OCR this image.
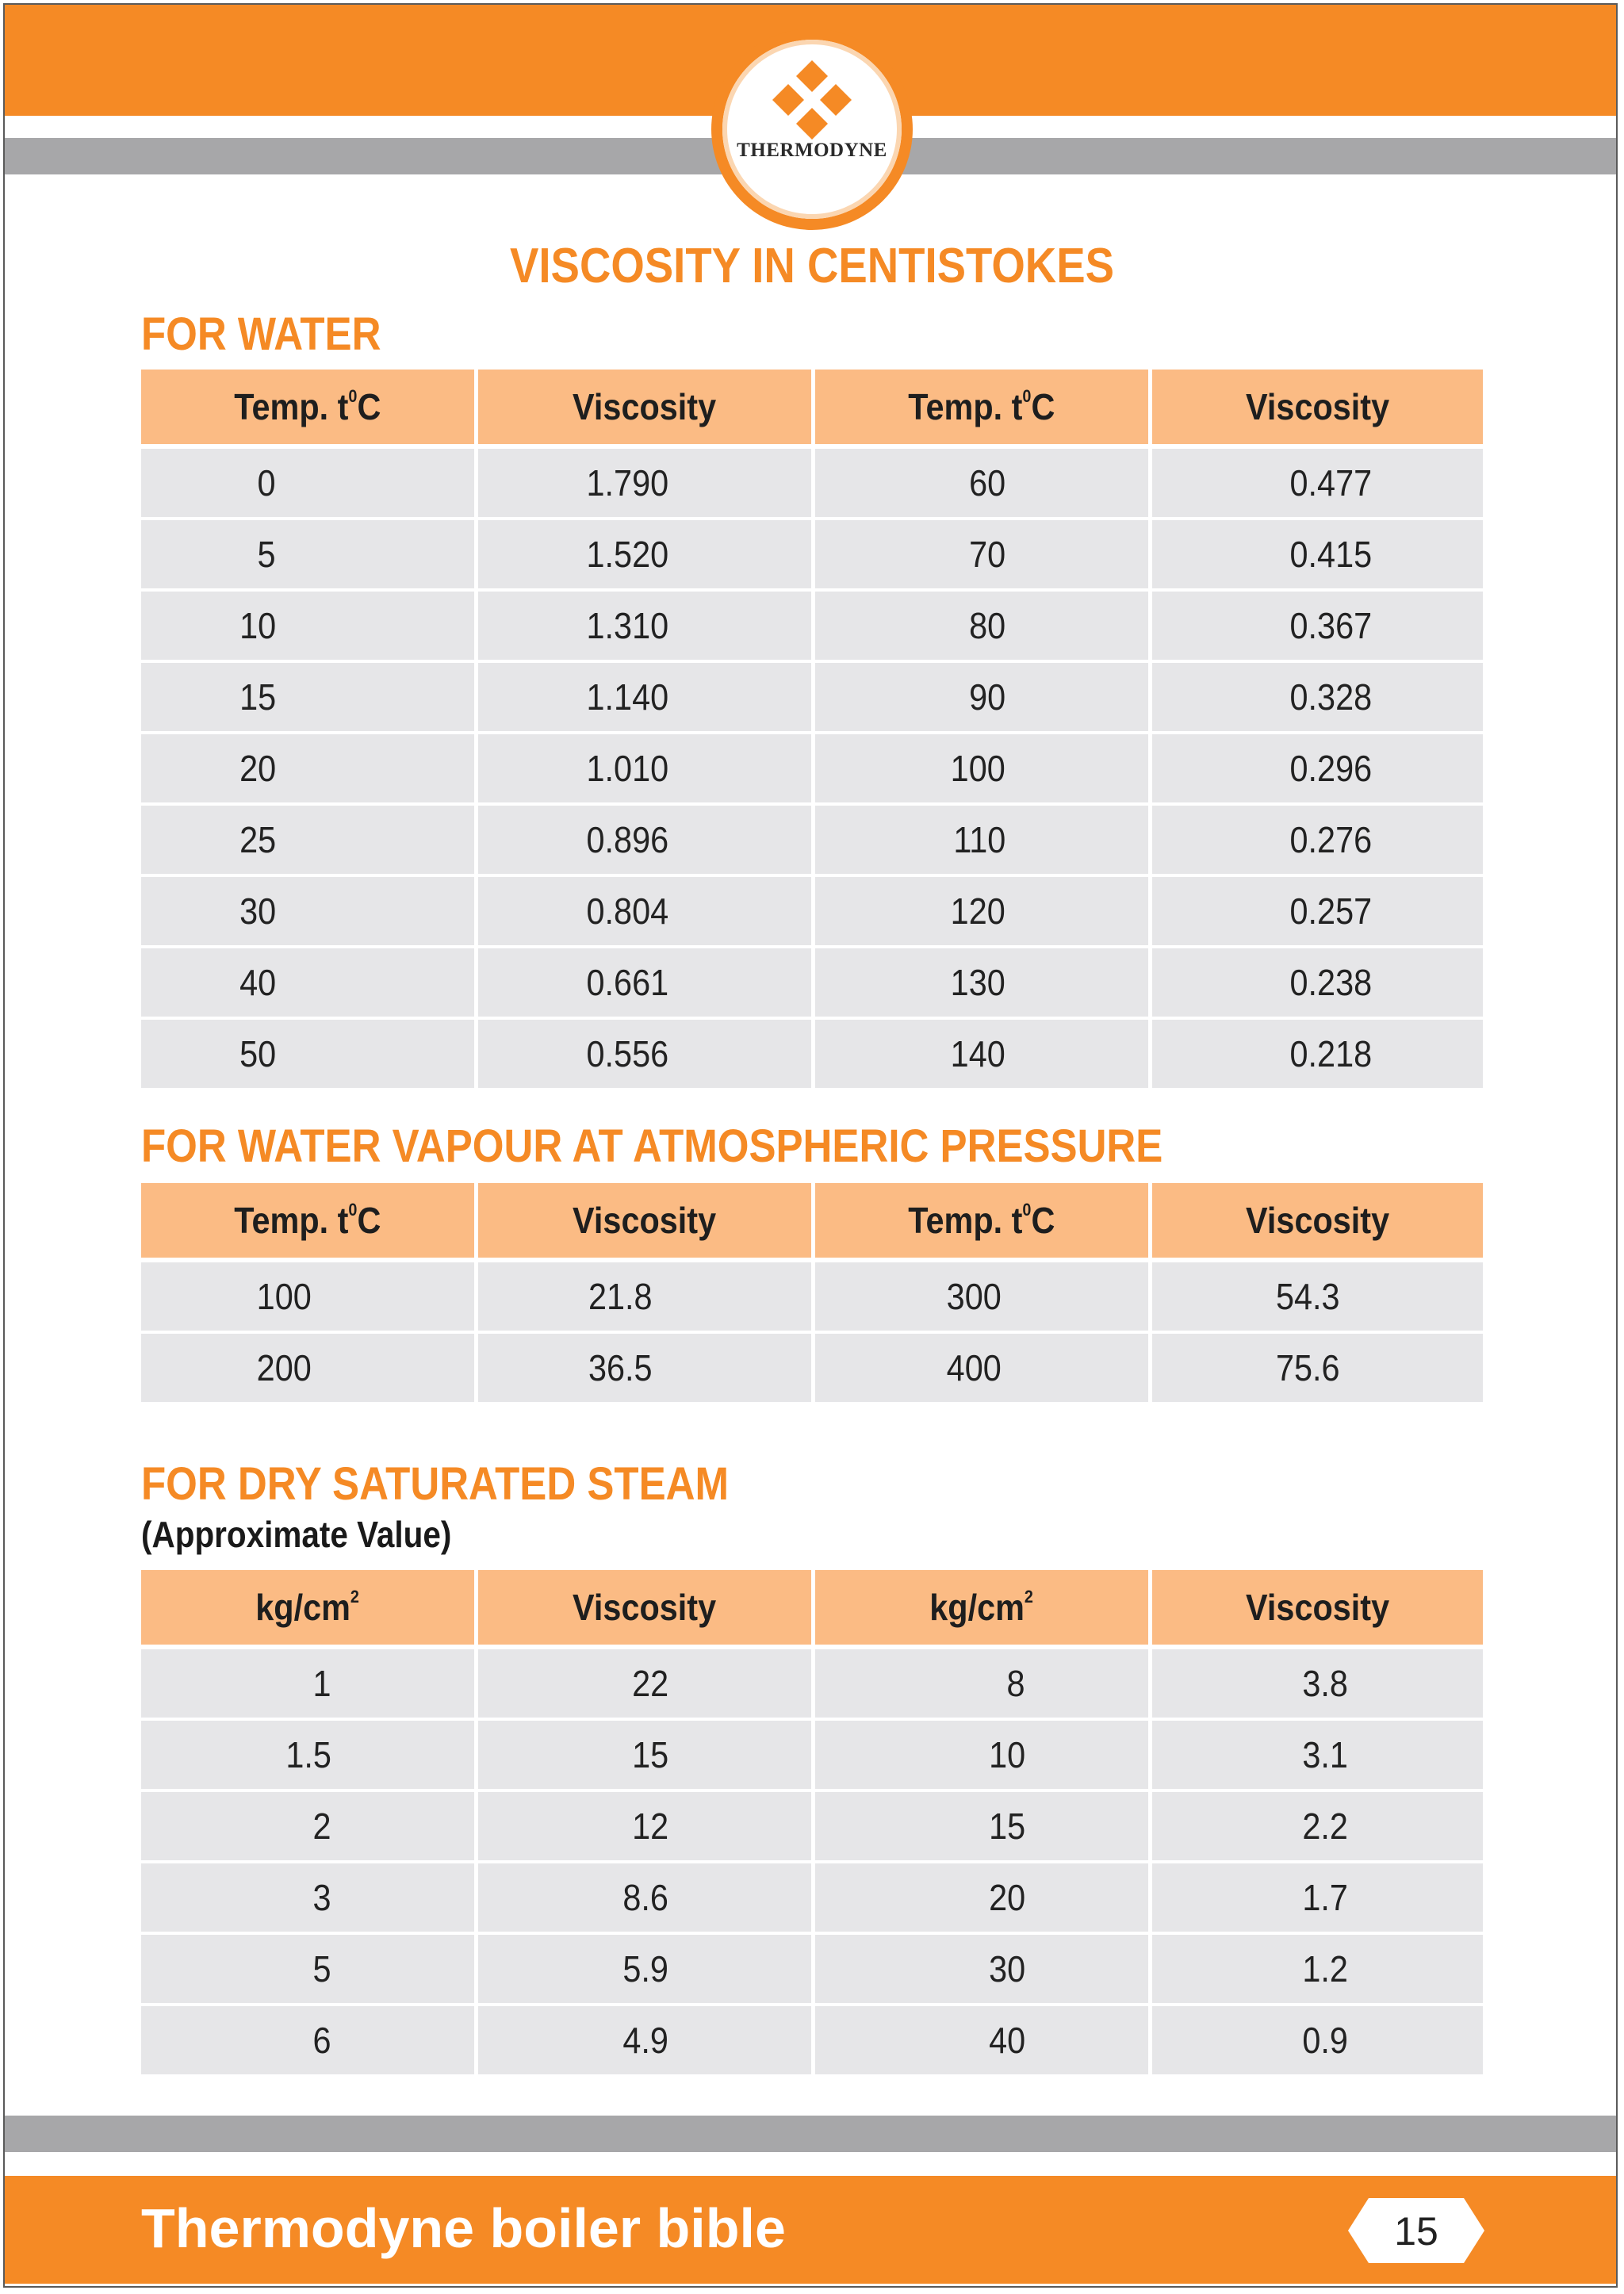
THERMODYNE
VISCOSITY IN CENTISTOKES
FOR WATER
Temp. $t^0C$	Viscosity	Temp. $t^0C$	Viscosity
0	1.790	60	0.477
5	1.520	70	0.415
10	1.310	80	0.367
15	1.140	90	0.328
20	1.010	100	0.296
25	0.896	110	0.276
30	0.804	120	0.257
40	0.661	130	0.238
50	0.556	140	0.218
FOR WATER VAPOUR AT ATMOSPHERIC PRESSURE
Temp. $t^0C$	Viscosity	Temp. $t^0C$	Viscosity
100	21.8	300	54.3
200	36.5	400	75.6
FOR DRY SATURATED STEAM
(Approximate Value)
$kg/cm^2$	Viscosity	$kg/cm^2$	Viscosity
1	22	8	3.8
1.5	15	10	3.1
2	12	15	2.2
3	8.6	20	1.7
5	5.9	30	1.2
6	4.9	40	0.9
Thermodyne boiler bible	15
